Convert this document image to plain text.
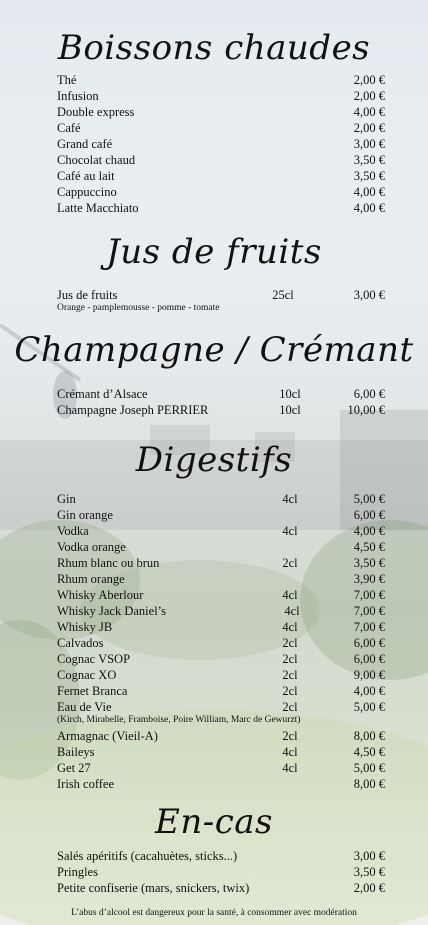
Boissons chaudes
Thé	2,00 €
Infusion	2,00 €
Double express	4,00 €
Café	2,00 €
Grand café	3,00 €
Chocolat chaud	3,50 €
Café au lait	3,50 €
Cappuccino	4,00 €
Latte Macchiato	4,00 €
Jus de fruits
Jus de fruits	25cl	3,00 €
Orange - pamplemousse - pomme - tomate
Champagne / Crémant
Crémant d’Alsace	10cl	6,00 €
Champagne Joseph PERRIER	10cl	10,00 €
Digestifs
Gin	4cl	5,00 €
Gin orange	6,00 €
Vodka	4cl	4,00 €
Vodka orange	4,50 €
Rhum blanc ou brun	2cl	3,50 €
Rhum orange	3,90 €
Whisky Aberlour	4cl	7,00 €
Whisky Jack Daniel’s	4cl	7,00 €
Whisky JB	4cl	7,00 €
Calvados	2cl	6,00 €
Cognac VSOP	2cl	6,00 €
Cognac XO	2cl	9,00 €
Fernet Branca	2cl	4,00 €
Eau de Vie	2cl	5,00 €
(Kirch, Mirabelle, Framboise, Poire William, Marc de Gewurzt)
Armagnac (Vieil-A)	2cl	8,00 €
Baileys	4cl	4,50 €
Get 27	4cl	5,00 €
Irish coffee	8,00 €
En-cas
Salés apéritifs (cacahuètes, sticks...)	3,00 €
Pringles	3,50 €
Petite confiserie (mars, snickers, twix)	2,00 €
L’abus d’alcool est dangereux pour la santé, à consommer avec modération
